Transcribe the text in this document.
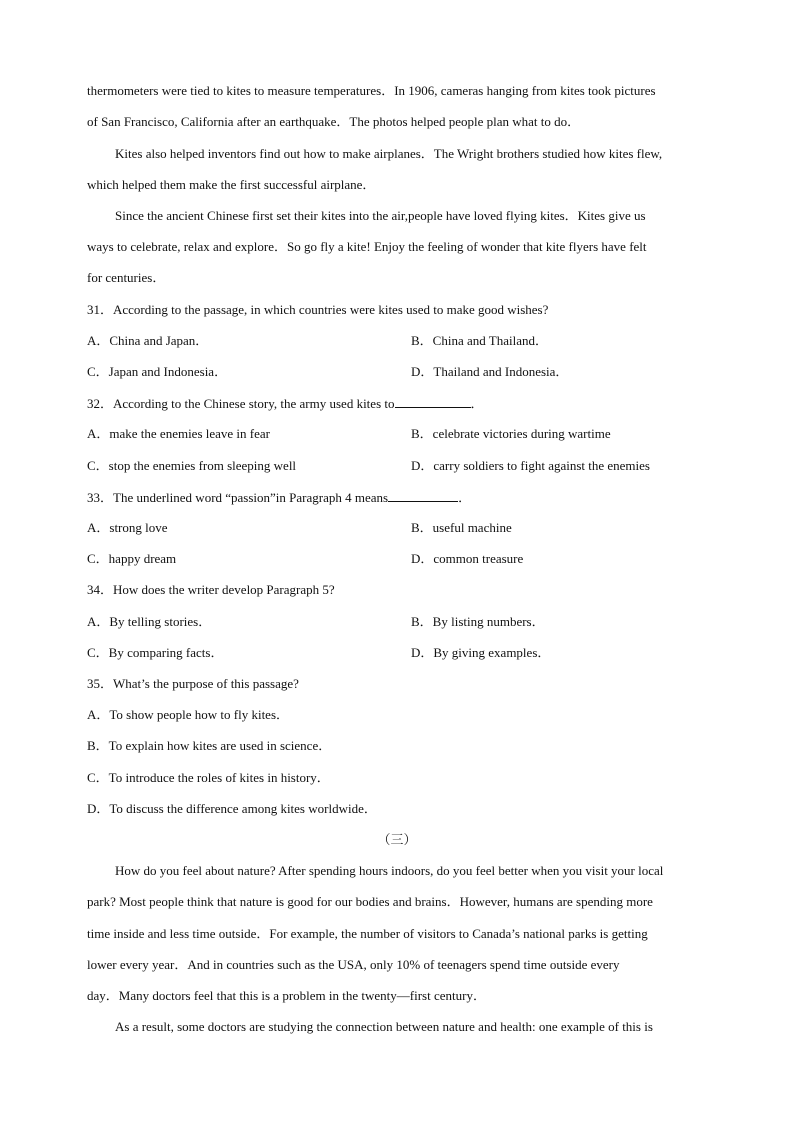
thermometers were tied to kites to measure temperatures．In 1906, cameras hanging from kites took pictures
of San Francisco, California after an earthquake．The photos helped people plan what to do．
Kites also helped inventors find out how to make airplanes．The Wright brothers studied how kites flew,
which helped them make the first successful airplane．
Since the ancient Chinese first set their kites into the air,people have loved flying kites．Kites give us
ways to celebrate, relax and explore．So go fly a kite! Enjoy the feeling of wonder that kite flyers have felt
for centuries．
31．According to the passage, in which countries were kites used to make good wishes?
A．China and Japan．	B．China and Thailand．
C．Japan and Indonesia．	D．Thailand and Indonesia．
32．According to the Chinese story, the army used kites to	．
A．make the enemies leave in fear	B．celebrate victories during wartime
C．stop the enemies from sleeping well	D．carry soldiers to fight against the enemies
33．The underlined word “passion”in Paragraph 4 means	．
A．strong love	B．useful machine
C．happy dream	D．common treasure
34．How does the writer develop Paragraph 5?
A．By telling stories．	B．By listing numbers．
C．By comparing facts．	D．By giving examples．
35．What’s the purpose of this passage?
A．To show people how to fly kites．
B．To explain how kites are used in science．
C．To introduce the roles of kites in history．
D．To discuss the difference among kites worldwide．
（三）
How do you feel about nature? After spending hours indoors, do you feel better when you visit your local
park? Most people think that nature is good for our bodies and brains．However, humans are spending more
time inside and less time outside．For example, the number of visitors to Canada’s national parks is getting
lower every year．And in countries such as the USA, only 10% of teenagers spend time outside every
day．Many doctors feel that this is a problem in the twenty—first century．
As a result, some doctors are studying the connection between nature and health: one example of this is
